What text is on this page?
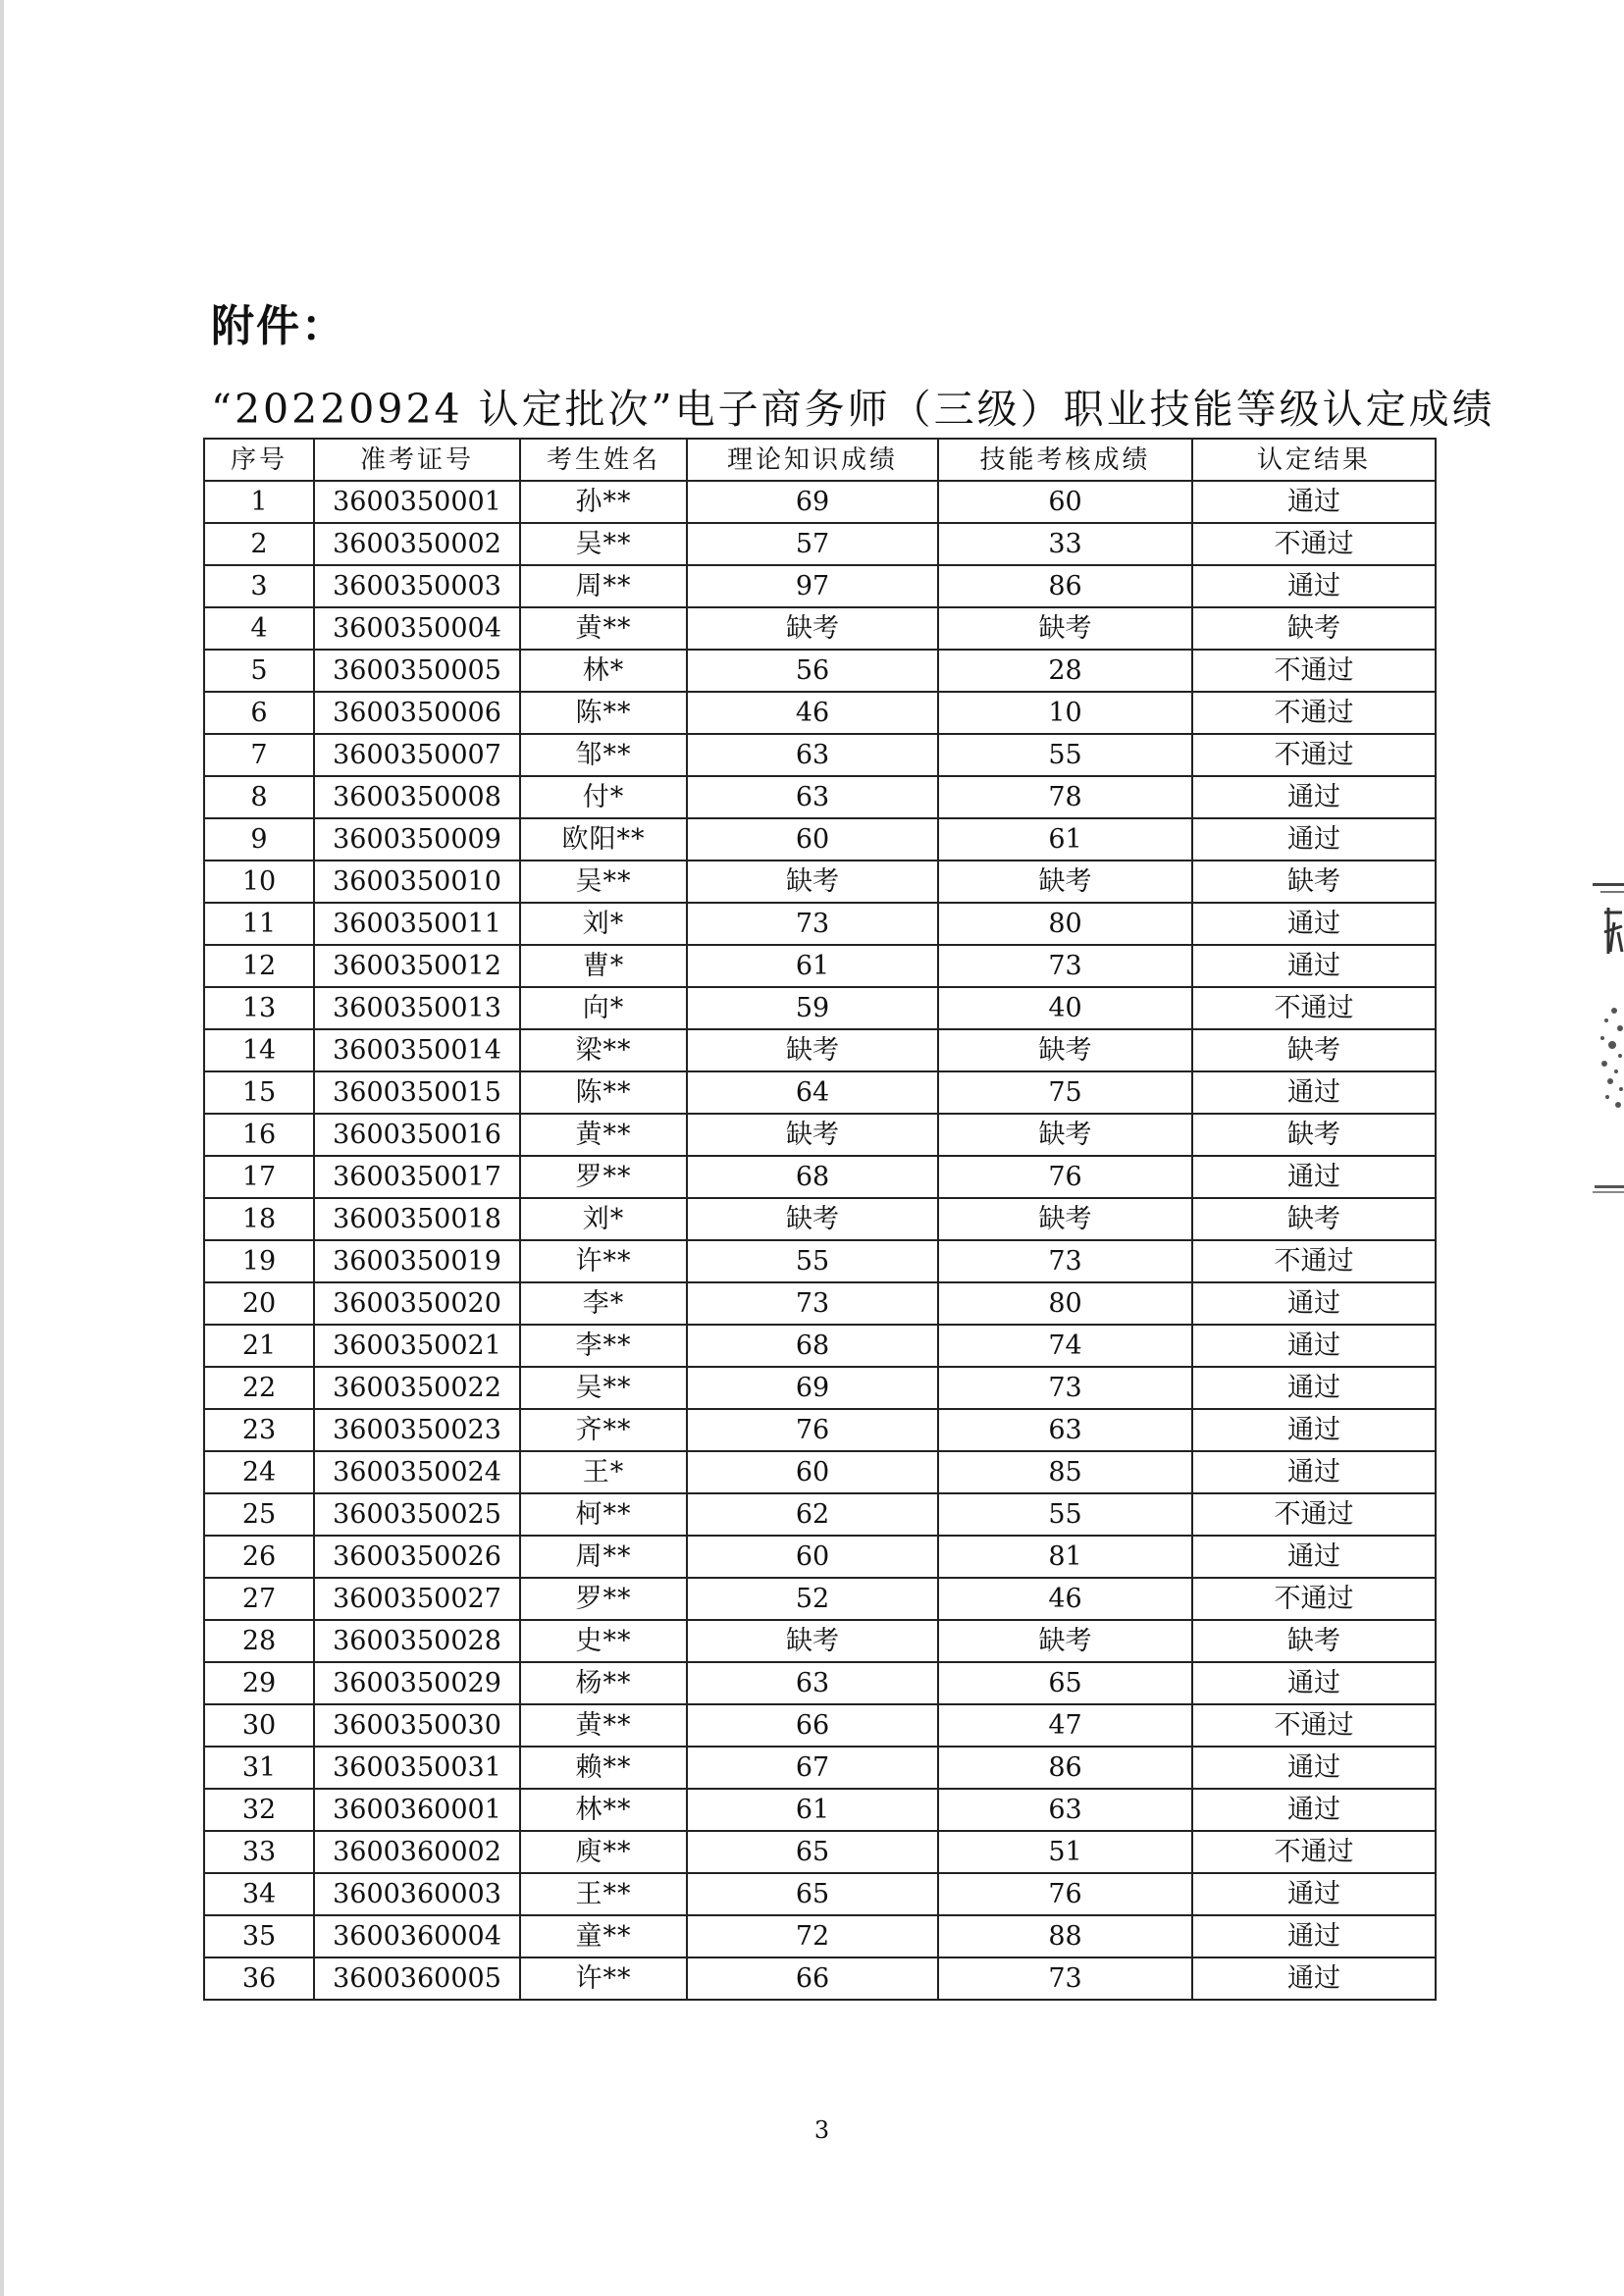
附件：
“20220924 认定批次”电子商务师（三级）职业技能等级认定成绩
序号	准考证号	考生姓名	理论知识成绩	技能考核成绩	认定结果
1	3600350001	孙**	69	60	通过
2	3600350002	吴**	57	33	不通过
3	3600350003	周**	97	86	通过
4	3600350004	黄**	缺考	缺考	缺考
5	3600350005	林*	56	28	不通过
6	3600350006	陈**	46	10	不通过
7	3600350007	邹**	63	55	不通过
8	3600350008	付*	63	78	通过
9	3600350009	欧阳**	60	61	通过
10	3600350010	吴**	缺考	缺考	缺考
11	3600350011	刘*	73	80	通过
12	3600350012	曹*	61	73	通过
13	3600350013	向*	59	40	不通过
14	3600350014	梁**	缺考	缺考	缺考
15	3600350015	陈**	64	75	通过
16	3600350016	黄**	缺考	缺考	缺考
17	3600350017	罗**	68	76	通过
18	3600350018	刘*	缺考	缺考	缺考
19	3600350019	许**	55	73	不通过
20	3600350020	李*	73	80	通过
21	3600350021	李**	68	74	通过
22	3600350022	吴**	69	73	通过
23	3600350023	齐**	76	63	通过
24	3600350024	王*	60	85	通过
25	3600350025	柯**	62	55	不通过
26	3600350026	周**	60	81	通过
27	3600350027	罗**	52	46	不通过
28	3600350028	史**	缺考	缺考	缺考
29	3600350029	杨**	63	65	通过
30	3600350030	黄**	66	47	不通过
31	3600350031	赖**	67	86	通过
32	3600360001	林**	61	63	通过
33	3600360002	庾**	65	51	不通过
34	3600360003	王**	65	76	通过
35	3600360004	童**	72	88	通过
36	3600360005	许**	66	73	通过
3
